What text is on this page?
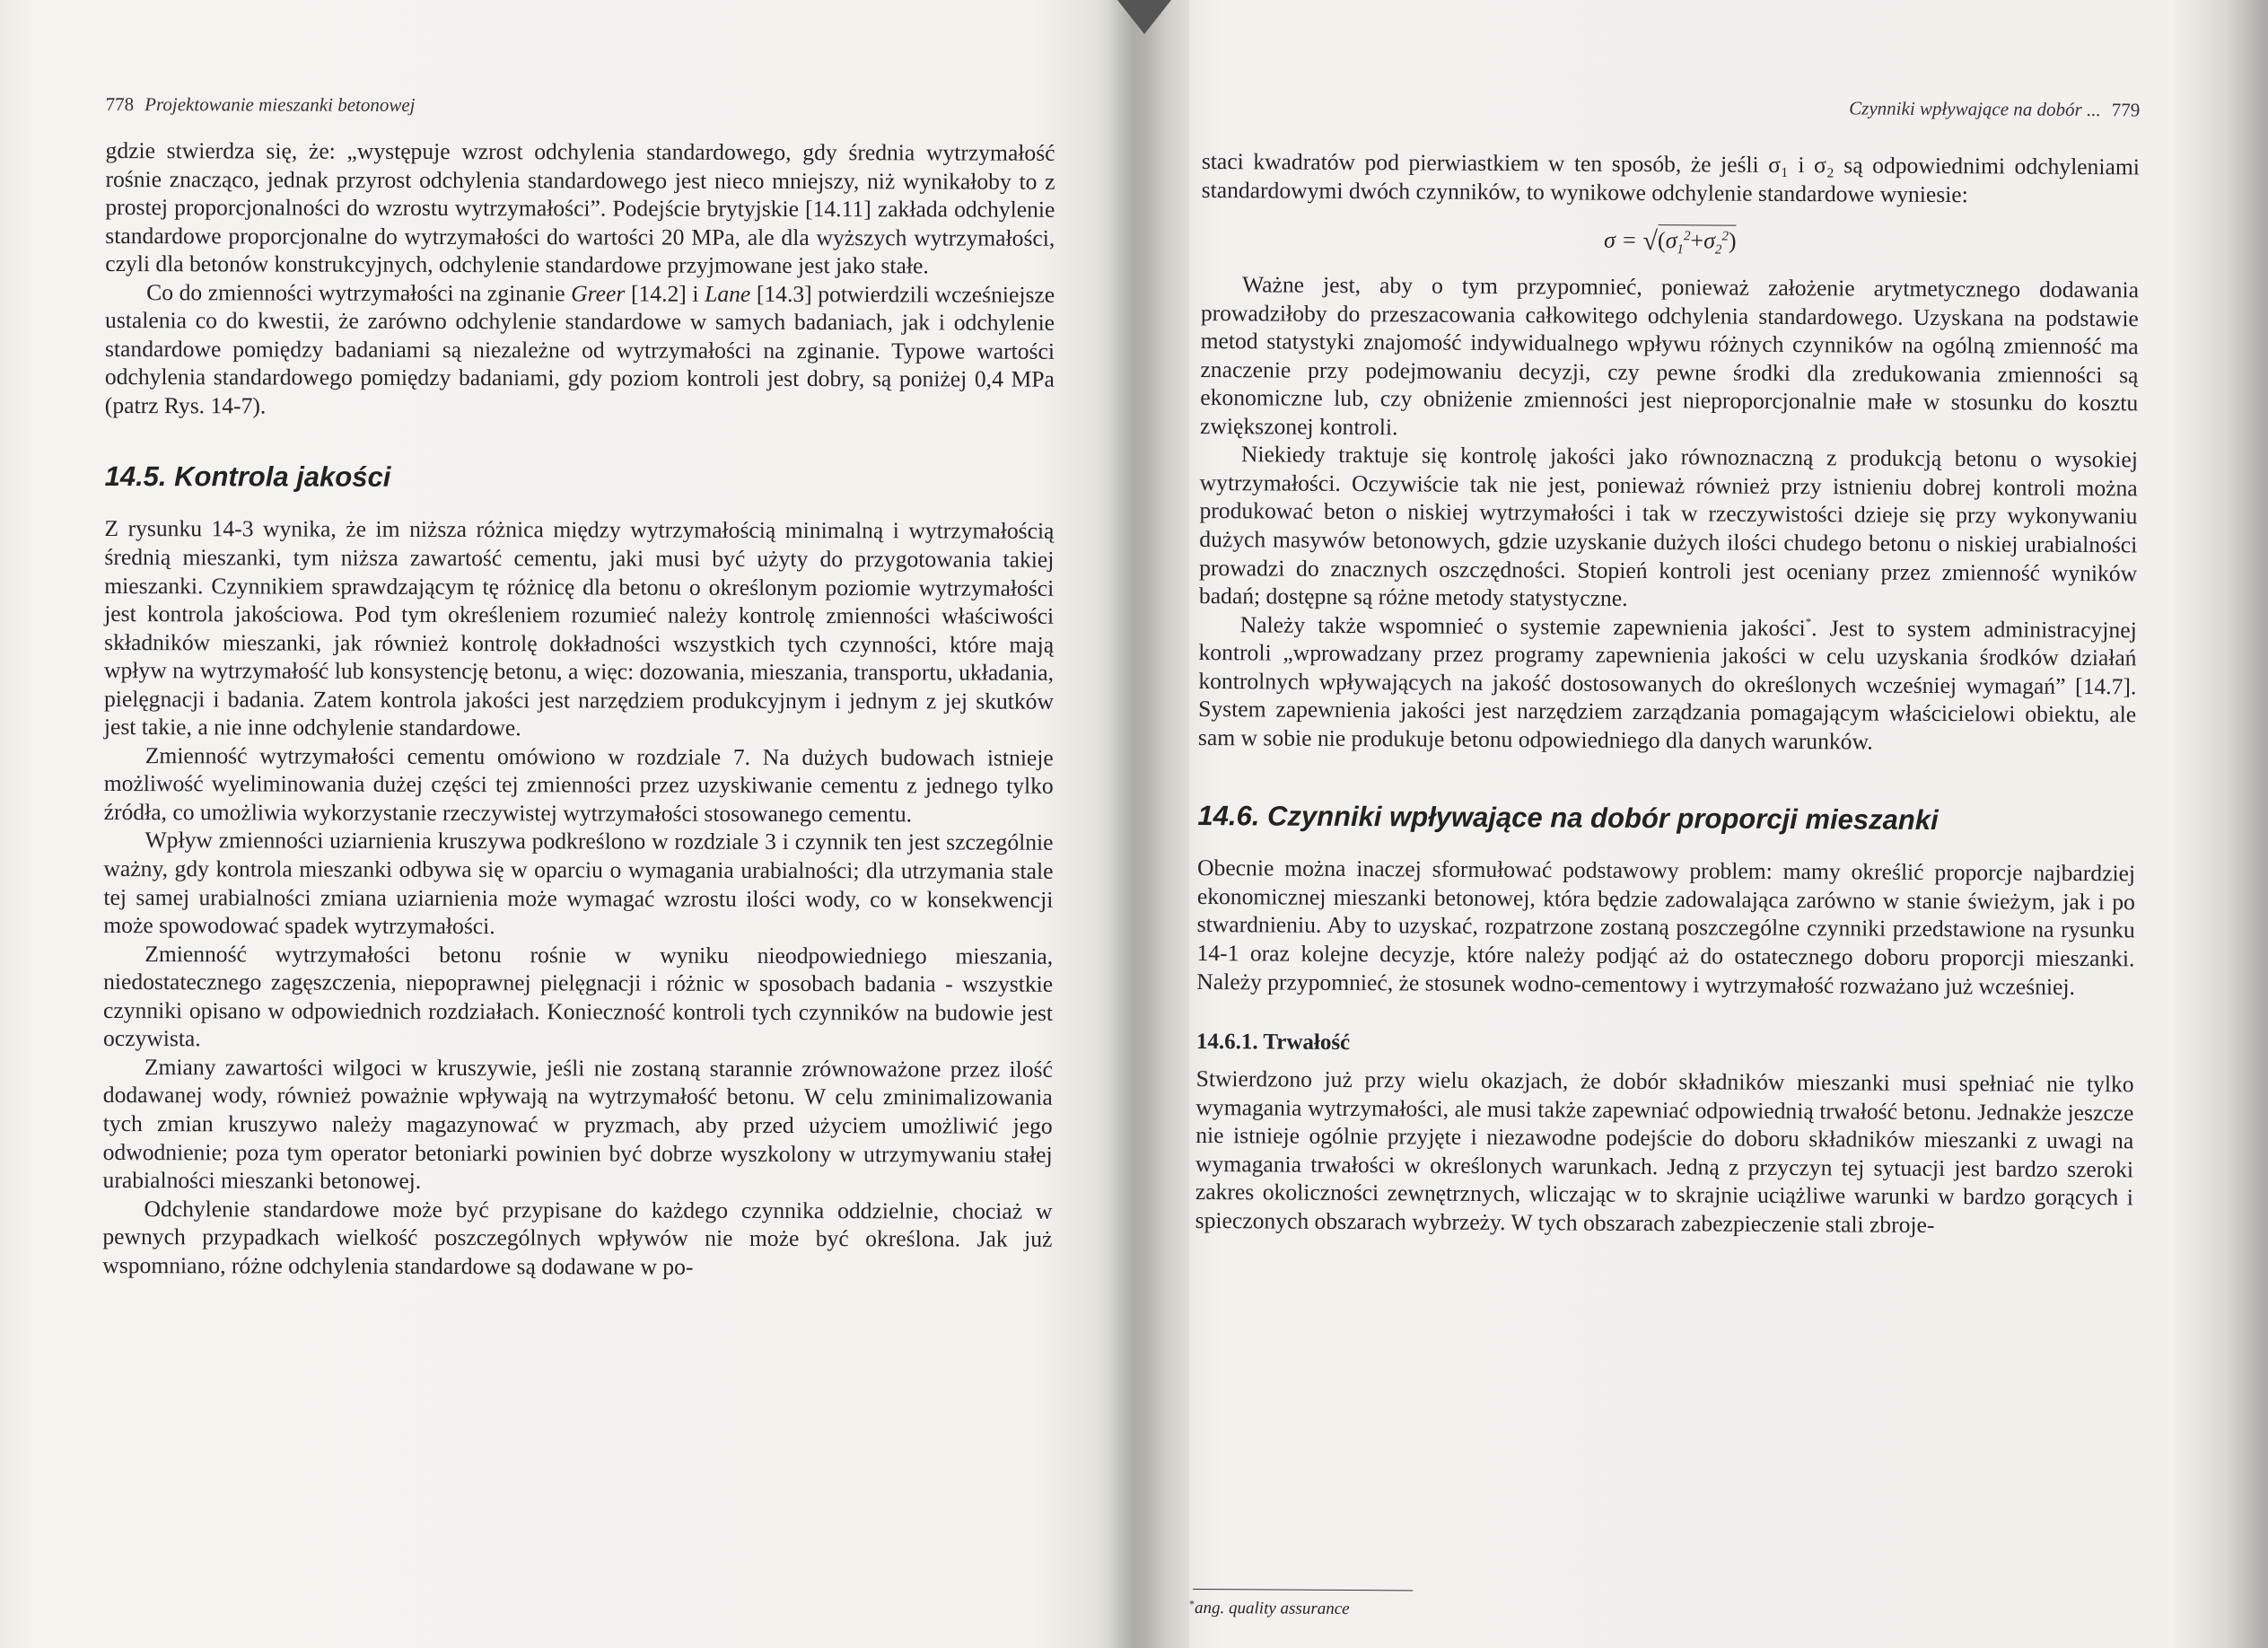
778 Projektowanie mieszanki betonowej

gdzie stwierdza się, że: „występuje wzrost odchylenia standardowego, gdy średnia wytrzymałość rośnie znacząco, jednak przyrost odchylenia standardowego jest nieco mniejszy, niż wynikałoby to z prostej proporcjonalności do wzrostu wytrzymałości”. Podejście brytyjskie [14.11] zakłada odchylenie standardowe proporcjonalne do wytrzymałości do wartości 20 MPa, ale dla wyższych wytrzymałości, czyli dla betonów konstrukcyjnych, odchylenie standardowe przyjmowane jest jako stałe.

Co do zmienności wytrzymałości na zginanie Greer [14.2] i Lane [14.3] potwierdzili wcześniejsze ustalenia co do kwestii, że zarówno odchylenie standardowe w samych badaniach, jak i odchylenie standardowe pomiędzy badaniami są niezależne od wytrzymałości na zginanie. Typowe wartości odchylenia standardowego pomiędzy badaniami, gdy poziom kontroli jest dobry, są poniżej 0,4 MPa (patrz Rys. 14-7).

14.5. Kontrola jakości

Z rysunku 14-3 wynika, że im niższa różnica między wytrzymałością minimalną i wytrzymałością średnią mieszanki, tym niższa zawartość cementu, jaki musi być użyty do przygotowania takiej mieszanki. Czynnikiem sprawdzającym tę różnicę dla betonu o określonym poziomie wytrzymałości jest kontrola jakościowa. Pod tym określeniem rozumieć należy kontrolę zmienności właściwości składników mieszanki, jak również kontrolę dokładności wszystkich tych czynności, które mają wpływ na wytrzymałość lub konsystencję betonu, a więc: dozowania, mieszania, transportu, układania, pielęgnacji i badania. Zatem kontrola jakości jest narzędziem produkcyjnym i jednym z jej skutków jest takie, a nie inne odchylenie standardowe.

Zmienność wytrzymałości cementu omówiono w rozdziale 7. Na dużych budowach istnieje możliwość wyeliminowania dużej części tej zmienności przez uzyskiwanie cementu z jednego tylko źródła, co umożliwia wykorzystanie rzeczywistej wytrzymałości stosowanego cementu.

Wpływ zmienności uziarnienia kruszywa podkreślono w rozdziale 3 i czynnik ten jest szczególnie ważny, gdy kontrola mieszanki odbywa się w oparciu o wymagania urabialności; dla utrzymania stale tej samej urabialności zmiana uziarnienia może wymagać wzrostu ilości wody, co w konsekwencji może spowodować spadek wytrzymałości.

Zmienność wytrzymałości betonu rośnie w wyniku nieodpowiedniego mieszania, niedostatecznego zagęszczenia, niepoprawnej pielęgnacji i różnic w sposobach badania - wszystkie czynniki opisano w odpowiednich rozdziałach. Konieczność kontroli tych czynników na budowie jest oczywista.

Zmiany zawartości wilgoci w kruszywie, jeśli nie zostaną starannie zrównoważone przez ilość dodawanej wody, również poważnie wpływają na wytrzymałość betonu. W celu zminimalizowania tych zmian kruszywo należy magazynować w pryzmach, aby przed użyciem umożliwić jego odwodnienie; poza tym operator betoniarki powinien być dobrze wyszkolony w utrzymywaniu stałej urabialności mieszanki betonowej.

Odchylenie standardowe może być przypisane do każdego czynnika oddzielnie, chociaż w pewnych przypadkach wielkość poszczególnych wpływów nie może być określona. Jak już wspomniano, różne odchylenia standardowe są dodawane w po-

Czynniki wpływające na dobór ... 779

staci kwadratów pod pierwiastkiem w ten sposób, że jeśli σ₁ i σ₂ są odpowiednimi odchyleniami standardowymi dwóch czynników, to wynikowe odchylenie standardowe wyniesie:

$\sigma = √(\sigma_1^2+\sigma_2^2)$

Ważne jest, aby o tym przypomnieć, ponieważ założenie arytmetycznego dodawania prowadziłoby do przeszacowania całkowitego odchylenia standardowego. Uzyskana na podstawie metod statystyki znajomość indywidualnego wpływu różnych czynników na ogólną zmienność ma znaczenie przy podejmowaniu decyzji, czy pewne środki dla zredukowania zmienności są ekonomiczne lub, czy obniżenie zmienności jest nieproporcjonalnie małe w stosunku do kosztu zwiększonej kontroli.

Niekiedy traktuje się kontrolę jakości jako równoznaczną z produkcją betonu o wysokiej wytrzymałości. Oczywiście tak nie jest, ponieważ również przy istnieniu dobrej kontroli można produkować beton o niskiej wytrzymałości i tak w rzeczywistości dzieje się przy wykonywaniu dużych masywów betonowych, gdzie uzyskanie dużych ilości chudego betonu o niskiej urabialności prowadzi do znacznych oszczędności. Stopień kontroli jest oceniany przez zmienność wyników badań; dostępne są różne metody statystyczne.

Należy także wspomnieć o systemie zapewnienia jakości*. Jest to system administracyjnej kontroli „wprowadzany przez programy zapewnienia jakości w celu uzyskania środków działań kontrolnych wpływających na jakość dostosowanych do określonych wcześniej wymagań” [14.7]. System zapewnienia jakości jest narzędziem zarządzania pomagającym właścicielowi obiektu, ale sam w sobie nie produkuje betonu odpowiedniego dla danych warunków.

14.6. Czynniki wpływające na dobór proporcji mieszanki

Obecnie można inaczej sformułować podstawowy problem: mamy określić proporcje najbardziej ekonomicznej mieszanki betonowej, która będzie zadowalająca zarówno w stanie świeżym, jak i po stwardnieniu. Aby to uzyskać, rozpatrzone zostaną poszczególne czynniki przedstawione na rysunku 14-1 oraz kolejne decyzje, które należy podjąć aż do ostatecznego doboru proporcji mieszanki. Należy przypomnieć, że stosunek wodno-cementowy i wytrzymałość rozważano już wcześniej.

14.6.1. Trwałość

Stwierdzono już przy wielu okazjach, że dobór składników mieszanki musi spełniać nie tylko wymagania wytrzymałości, ale musi także zapewniać odpowiednią trwałość betonu. Jednakże jeszcze nie istnieje ogólnie przyjęte i niezawodne podejście do doboru składników mieszanki z uwagi na wymagania trwałości w określonych warunkach. Jedną z przyczyn tej sytuacji jest bardzo szeroki zakres okoliczności zewnętrznych, wliczając w to skrajnie uciążliwe warunki w bardzo gorących i spieczonych obszarach wybrzeży. W tych obszarach zabezpieczenie stali zbroje-

*ang. quality assurance
